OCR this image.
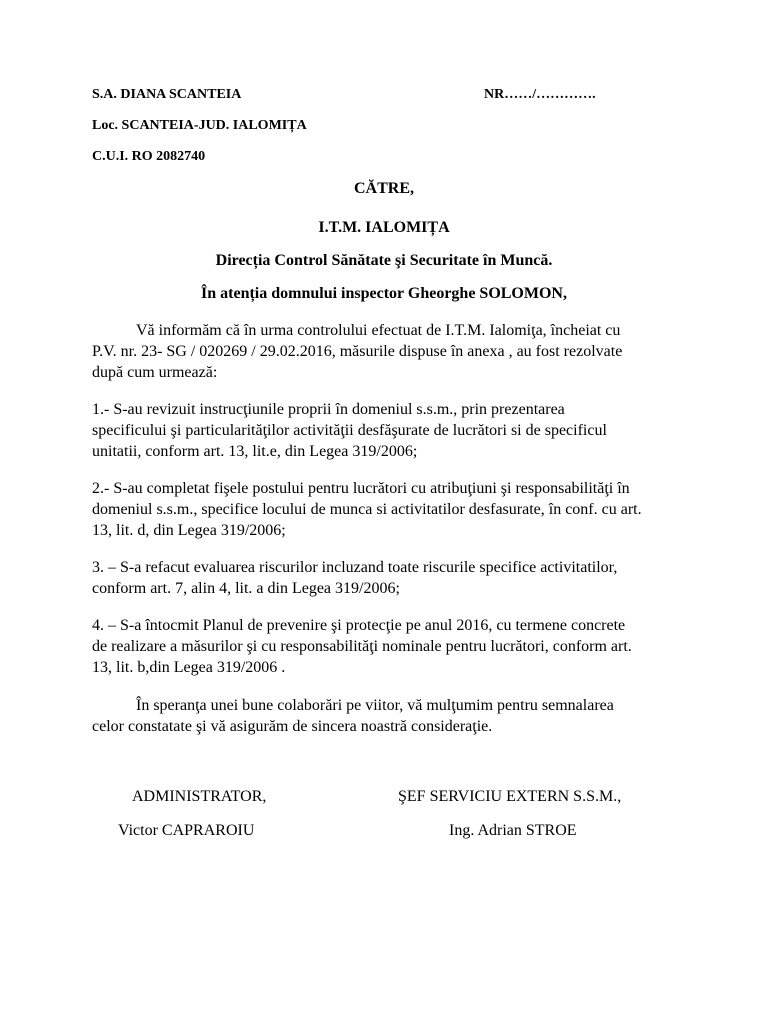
S.A. DIANA SCANTEIA	NR……/………….
Loc. SCANTEIA-JUD. IALOMIȚA
C.U.I. RO 2082740
CĂTRE,
I.T.M. IALOMIȚA
Direcția Control Sănătate şi Securitate în Muncă.
În atenția domnului inspector Gheorghe SOLOMON,
Vă informăm că în urma controlului efectuat de I.T.M. Ialomiţa, încheiat cu
P.V. nr. 23- SG / 020269 / 29.02.2016, măsurile dispuse în anexa , au fost rezolvate
după cum urmează:
1.- S-au revizuit instrucţiunile proprii în domeniul s.s.m., prin prezentarea
specificului şi particularităţilor activităţii desfăşurate de lucrători si de specificul
unitatii, conform art. 13, lit.e, din Legea 319/2006;
2.- S-au completat fişele postului pentru lucrători cu atribuţiuni şi responsabilităţi în
domeniul s.s.m., specifice locului de munca si activitatilor desfasurate, în conf. cu art.
13, lit. d, din Legea 319/2006;
3. – S-a refacut evaluarea riscurilor incluzand toate riscurile specifice activitatilor,
conform art. 7, alin 4, lit. a din Legea 319/2006;
4. – S-a întocmit Planul de prevenire şi protecţie pe anul 2016, cu termene concrete
de realizare a măsurilor şi cu responsabilităţi nominale pentru lucrători, conform art.
13, lit. b,din Legea 319/2006 .
În speranţa unei bune colaborări pe viitor, vă mulţumim pentru semnalarea
celor constatate şi vă asigurăm de sincera noastră consideraţie.
ADMINISTRATOR,
Victor CAPRAROIU
ŞEF SERVICIU EXTERN S.S.M.,
Ing. Adrian STROE
